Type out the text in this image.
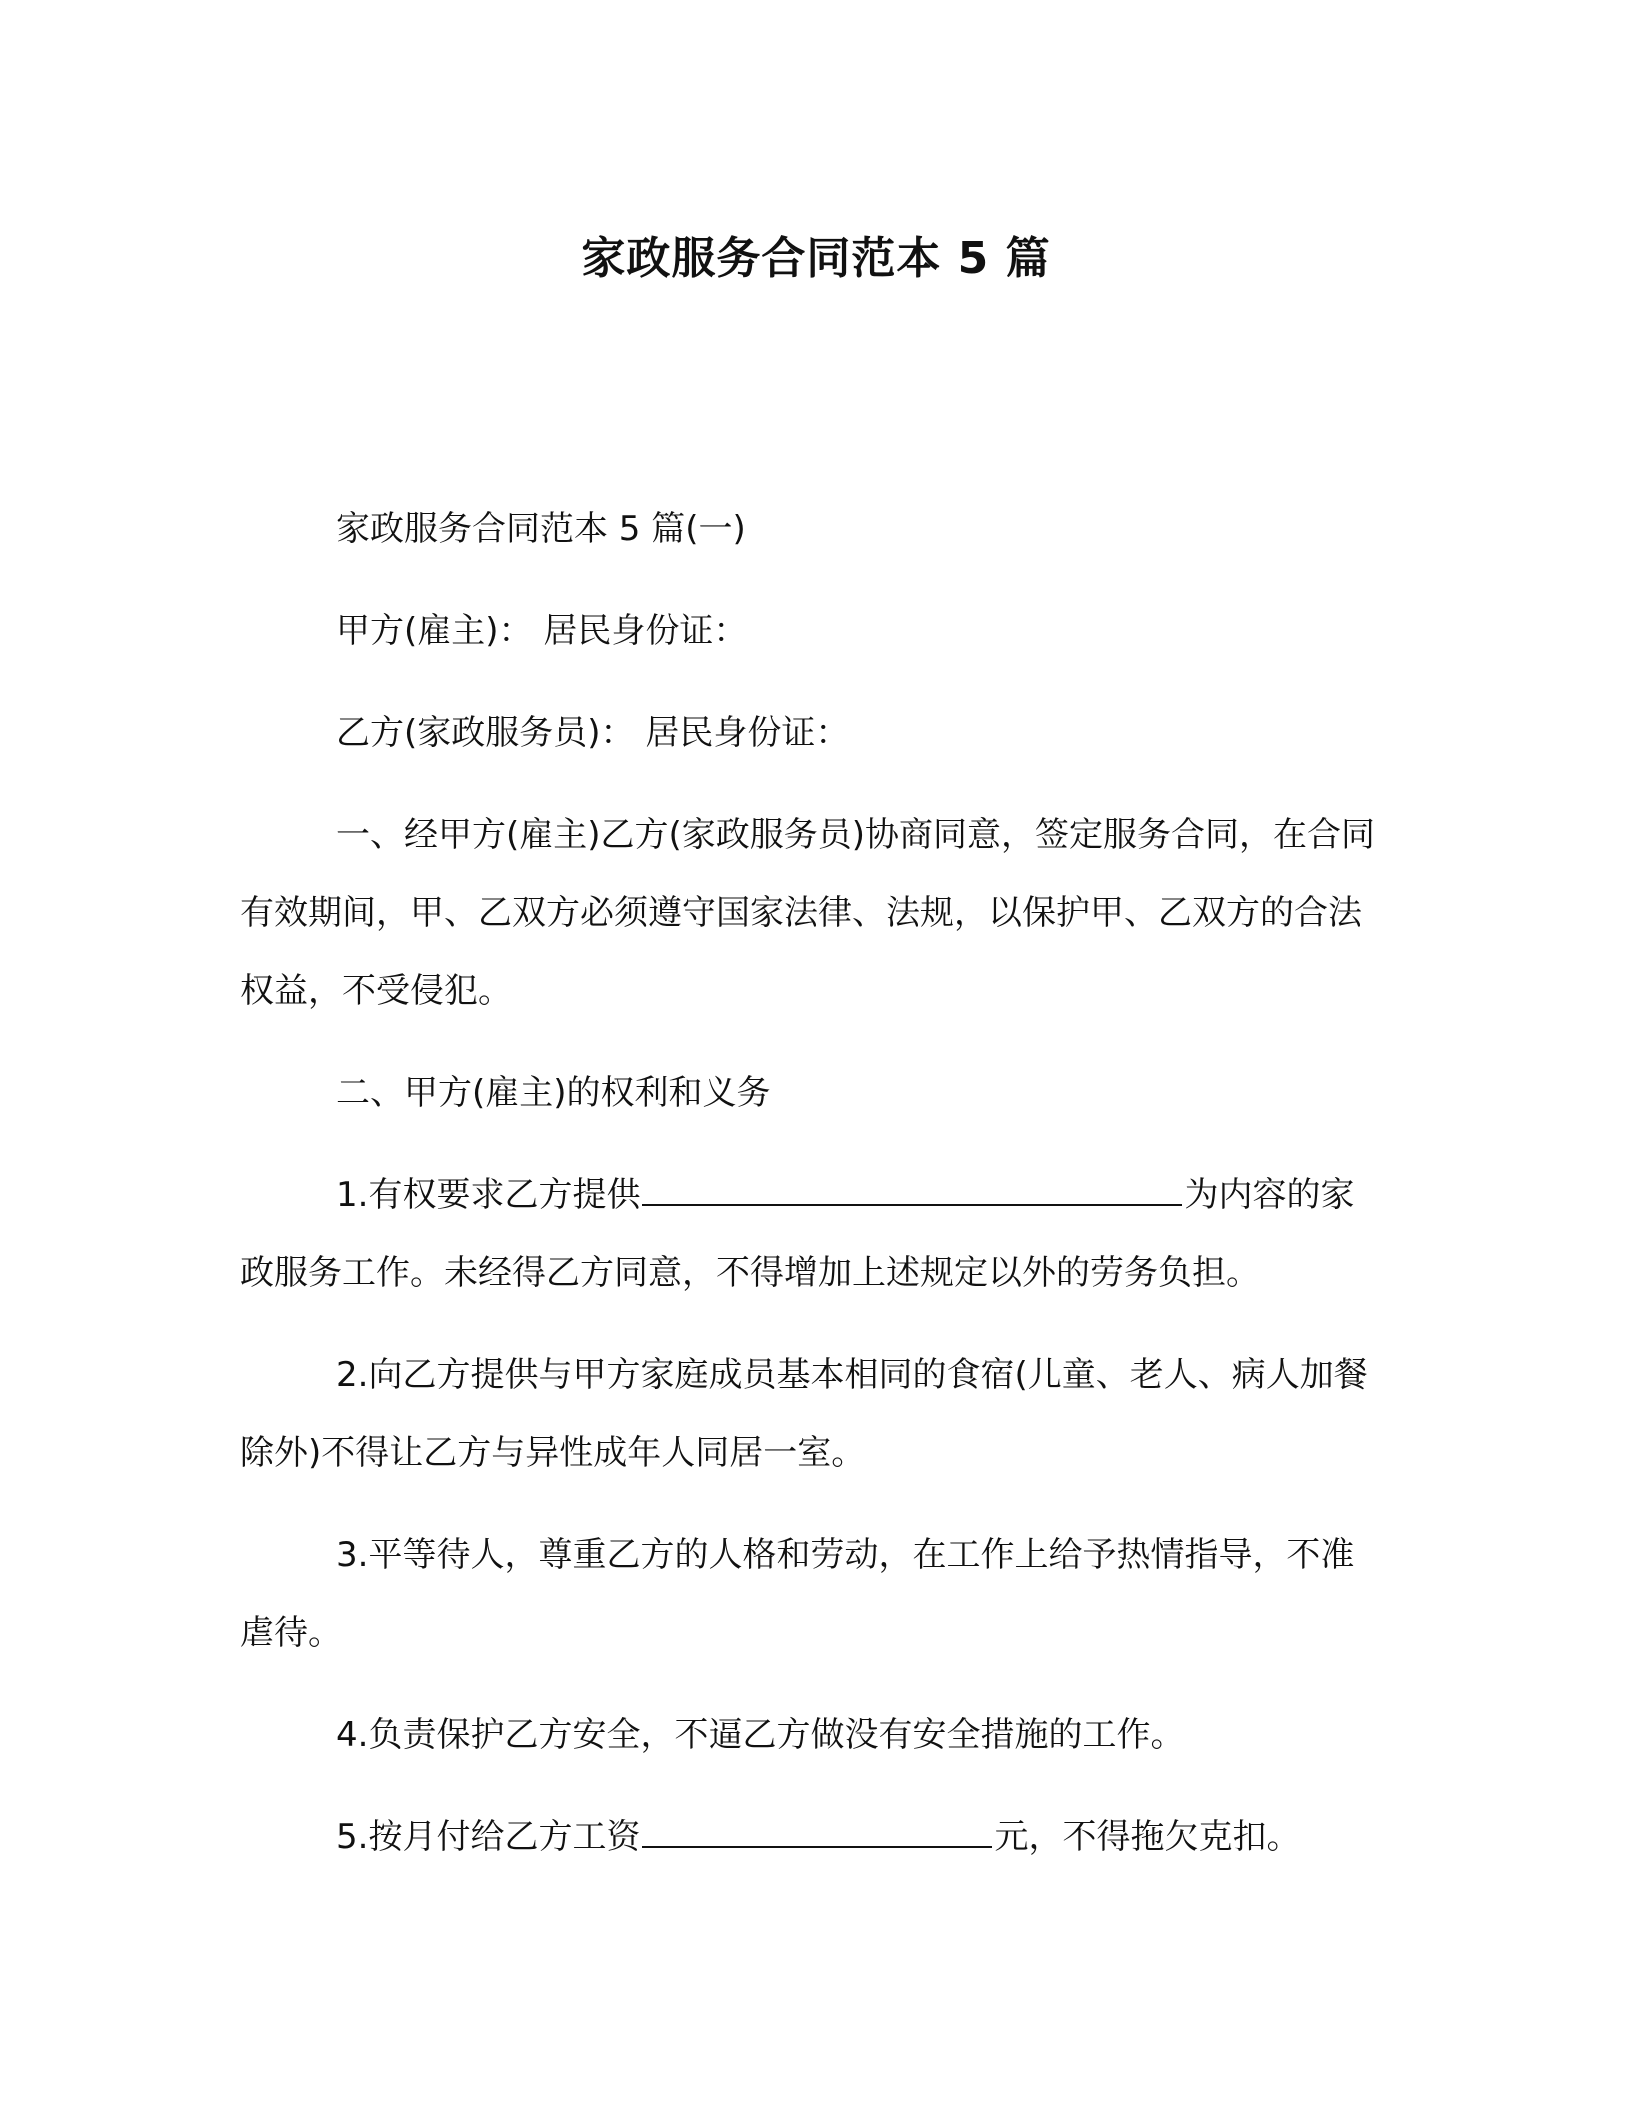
家政服务合同范本 5 篇

家政服务合同范本 5 篇(一)

甲方(雇主)： 居民身份证：

乙方(家政服务员)： 居民身份证：

一、经甲方(雇主)乙方(家政服务员)协商同意，签定服务合同，在合同有效期间，甲、乙双方必须遵守国家法律、法规，以保护甲、乙双方的合法权益，不受侵犯。

二、甲方(雇主)的权利和义务

1.有权要求乙方提供	为内容的家政服务工作。未经得乙方同意，不得增加上述规定以外的劳务负担。

2.向乙方提供与甲方家庭成员基本相同的食宿(儿童、老人、病人加餐除外)不得让乙方与异性成年人同居一室。

3.平等待人，尊重乙方的人格和劳动，在工作上给予热情指导，不准虐待。

4.负责保护乙方安全，不逼乙方做没有安全措施的工作。

5.按月付给乙方工资	元，不得拖欠克扣。
